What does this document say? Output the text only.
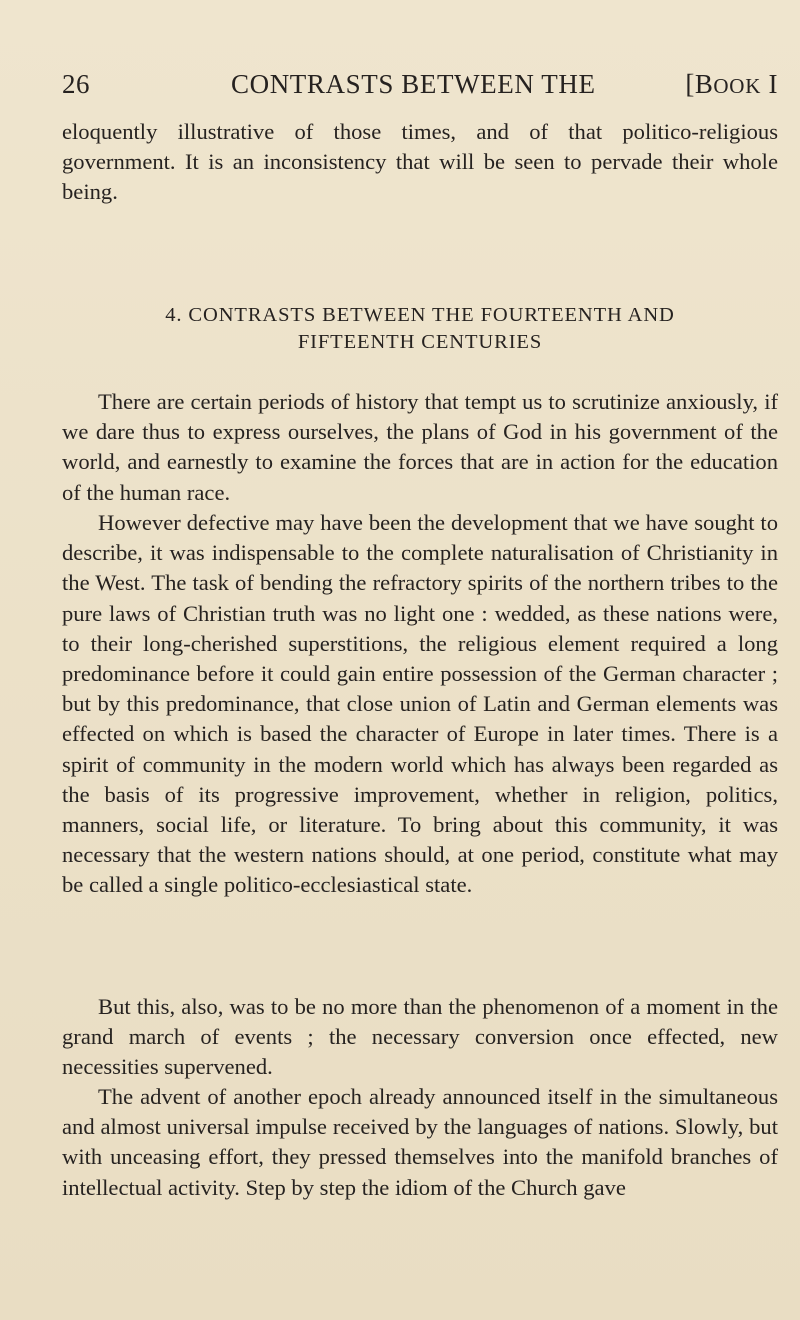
26	CONTRASTS BETWEEN THE	[BOOK I

eloquently illustrative of those times, and of that politico-religious government. It is an inconsistency that will be seen to pervade their whole being.

4. CONTRASTS BETWEEN THE FOURTEENTH AND
FIFTEENTH CENTURIES

There are certain periods of history that tempt us to scrutinize anxiously, if we dare thus to express ourselves, the plans of God in his government of the world, and earnestly to examine the forces that are in action for the education of the human race.

However defective may have been the development that we have sought to describe, it was indispensable to the complete naturalisation of Christianity in the West. The task of bending the refractory spirits of the northern tribes to the pure laws of Christian truth was no light one : wedded, as these nations were, to their long-cherished superstitions, the religious element required a long predominance before it could gain entire possession of the German character ; but by this predominance, that close union of Latin and German elements was effected on which is based the character of Europe in later times. There is a spirit of community in the modern world which has always been regarded as the basis of its progressive improvement, whether in religion, politics, manners, social life, or literature. To bring about this community, it was necessary that the western nations should, at one period, constitute what may be called a single politico-ecclesiastical state.

But this, also, was to be no more than the phenomenon of a moment in the grand march of events ; the necessary conversion once effected, new necessities supervened.

The advent of another epoch already announced itself in the simultaneous and almost universal impulse received by the languages of nations. Slowly, but with unceasing effort, they pressed themselves into the manifold branches of intellectual activity. Step by step the idiom of the Church gave
